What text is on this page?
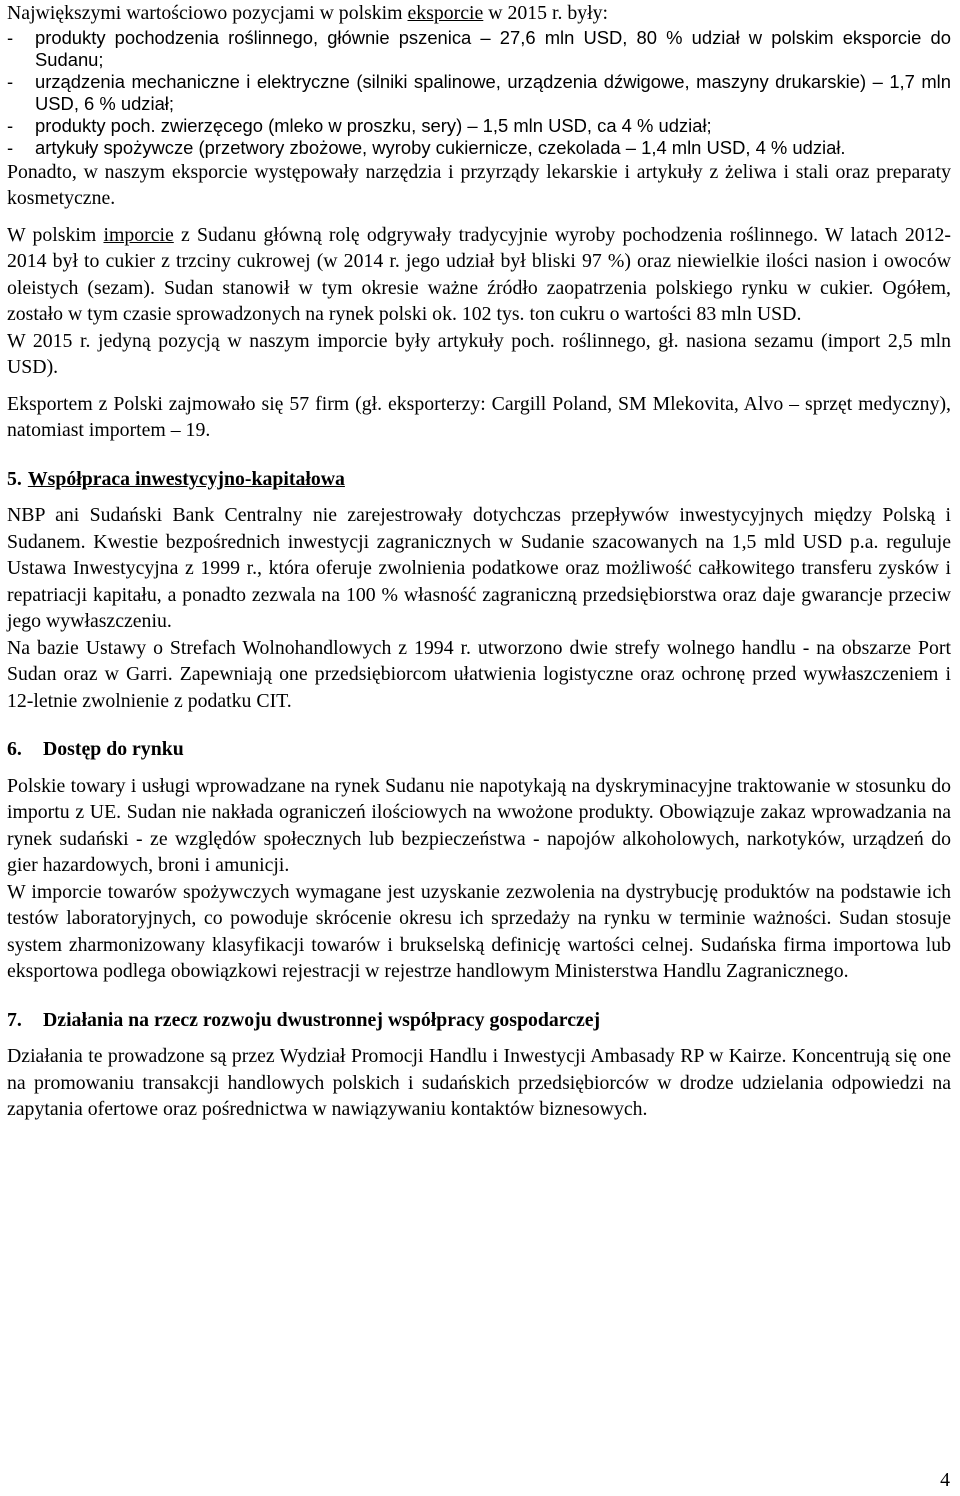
Największymi wartościowo pozycjami w polskim eksporcie w 2015 r. były:

- produkty pochodzenia roślinnego, głównie pszenica – 27,6 mln USD, 80 % udział w polskim eksporcie do Sudanu;
- urządzenia mechaniczne i elektryczne (silniki spalinowe, urządzenia dźwigowe, maszyny drukarskie) – 1,7 mln USD, 6 % udział;
- produkty poch. zwierzęcego (mleko w proszku, sery) – 1,5 mln USD, ca 4 % udział;
- artykuły spożywcze (przetwory zbożowe, wyroby cukiernicze, czekolada – 1,4 mln USD, 4 % udział.

Ponadto, w naszym eksporcie występowały narzędzia i przyrządy lekarskie i artykuły z żeliwa i stali oraz preparaty kosmetyczne.

W polskim imporcie z Sudanu główną rolę odgrywały tradycyjnie wyroby pochodzenia roślinnego. W latach 2012-2014 był to cukier z trzciny cukrowej (w 2014 r. jego udział był bliski 97 %) oraz niewielkie ilości nasion i owoców oleistych (sezam). Sudan stanowił w tym okresie ważne źródło zaopatrzenia polskiego rynku w cukier. Ogółem, zostało w tym czasie sprowadzonych na rynek polski ok. 102 tys. ton cukru o wartości 83 mln USD.

W 2015 r. jedyną pozycją w naszym imporcie były artykuły poch. roślinnego, gł. nasiona sezamu (import 2,5 mln USD).

Eksportem z Polski zajmowało się 57 firm (gł. eksporterzy: Cargill Poland, SM Mlekovita, Alvo – sprzęt medyczny), natomiast importem – 19.

5. Współpraca inwestycyjno-kapitałowa

NBP ani Sudański Bank Centralny nie zarejestrowały dotychczas przepływów inwestycyjnych między Polską i Sudanem. Kwestie bezpośrednich inwestycji zagranicznych w Sudanie szacowanych na 1,5 mld USD p.a. reguluje Ustawa Inwestycyjna z 1999 r., która oferuje zwolnienia podatkowe oraz możliwość całkowitego transferu zysków i repatriacji kapitału, a ponadto zezwala na 100 % własność zagraniczną przedsiębiorstwa oraz daje gwarancje przeciw jego wywłaszczeniu.

Na bazie Ustawy o Strefach Wolnohandlowych z 1994 r. utworzono dwie strefy wolnego handlu - na obszarze Port Sudan oraz w Garri. Zapewniają one przedsiębiorcom ułatwienia logistyczne oraz ochronę przed wywłaszczeniem i 12-letnie zwolnienie z podatku CIT.

6. Dostęp do rynku

Polskie towary i usługi wprowadzane na rynek Sudanu nie napotykają na dyskryminacyjne traktowanie w stosunku do importu z UE. Sudan nie nakłada ograniczeń ilościowych na wwożone produkty. Obowiązuje zakaz wprowadzania na rynek sudański - ze względów społecznych lub bezpieczeństwa - napojów alkoholowych, narkotyków, urządzeń do gier hazardowych, broni i amunicji.

W imporcie towarów spożywczych wymagane jest uzyskanie zezwolenia na dystrybucję produktów na podstawie ich testów laboratoryjnych, co powoduje skrócenie okresu ich sprzedaży na rynku w terminie ważności. Sudan stosuje system zharmonizowany klasyfikacji towarów i brukselską definicję wartości celnej. Sudańska firma importowa lub eksportowa podlega obowiązkowi rejestracji w rejestrze handlowym Ministerstwa Handlu Zagranicznego.

7. Działania na rzecz rozwoju dwustronnej współpracy gospodarczej

Działania te prowadzone są przez Wydział Promocji Handlu i Inwestycji Ambasady RP w Kairze. Koncentrują się one na promowaniu transakcji handlowych polskich i sudańskich przedsiębiorców w drodze udzielania odpowiedzi na zapytania ofertowe oraz pośrednictwa w nawiązywaniu kontaktów biznesowych.

4
